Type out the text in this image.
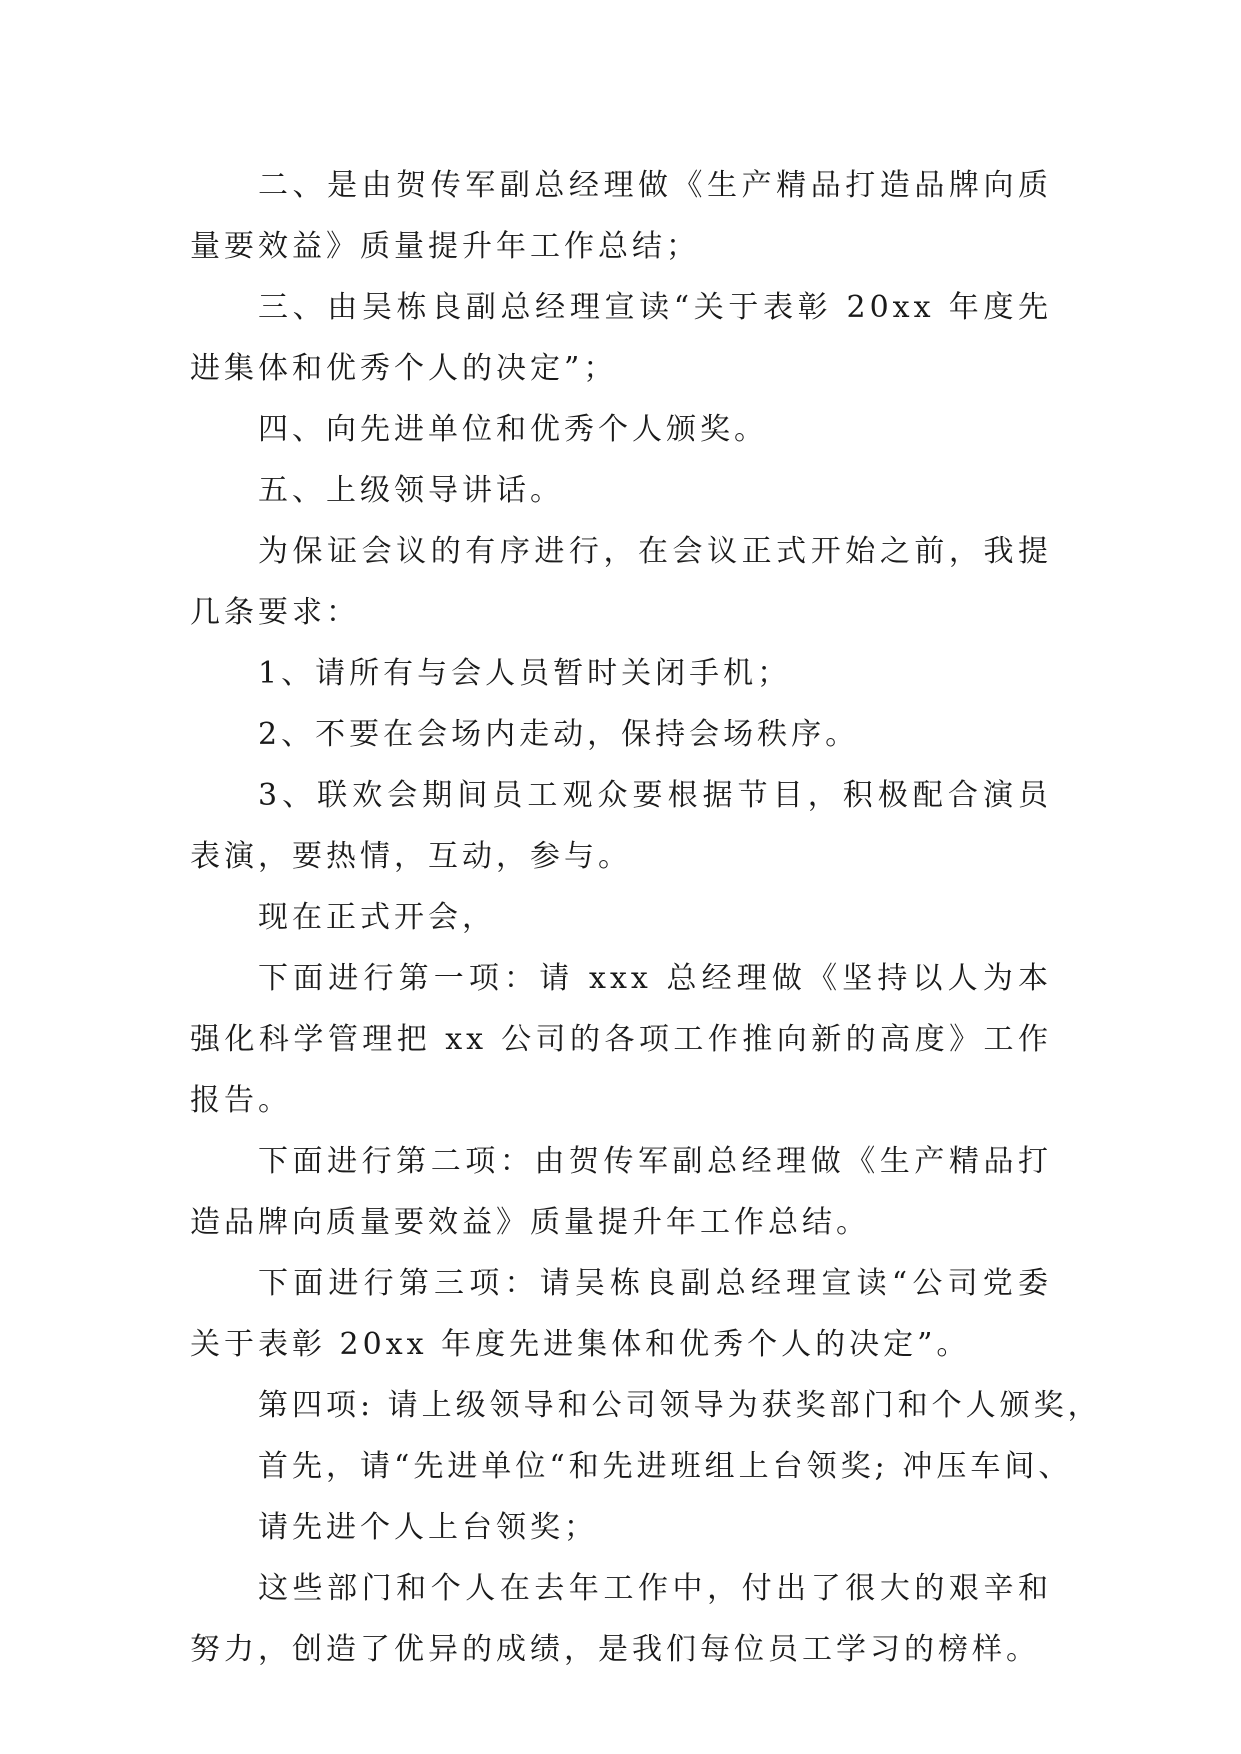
二、是由贺传军副总经理做《生产精品打造品牌向质量要效益》质量提升年工作总结；

三、由吴栋良副总经理宣读“关于表彰 20xx 年度先进集体和优秀个人的决定”；

四、向先进单位和优秀个人颁奖。

五、上级领导讲话。

为保证会议的有序进行，在会议正式开始之前，我提几条要求：

1、请所有与会人员暂时关闭手机；

2、不要在会场内走动，保持会场秩序。

3、联欢会期间员工观众要根据节目，积极配合演员表演，要热情，互动，参与。

现在正式开会，

下面进行第一项：请 xxx 总经理做《坚持以人为本强化科学管理把 xx 公司的各项工作推向新的高度》工作报告。

下面进行第二项：由贺传军副总经理做《生产精品打造品牌向质量要效益》质量提升年工作总结。

下面进行第三项：请吴栋良副总经理宣读“公司党委关于表彰 20xx 年度先进集体和优秀个人的决定”。

第四项: 请上级领导和公司领导为获奖部门和个人颁奖，

首先，请“先进单位“和先进班组上台领奖; 冲压车间、

请先进个人上台领奖；

这些部门和个人在去年工作中，付出了很大的艰辛和努力，创造了优异的成绩，是我们每位员工学习的榜样。
